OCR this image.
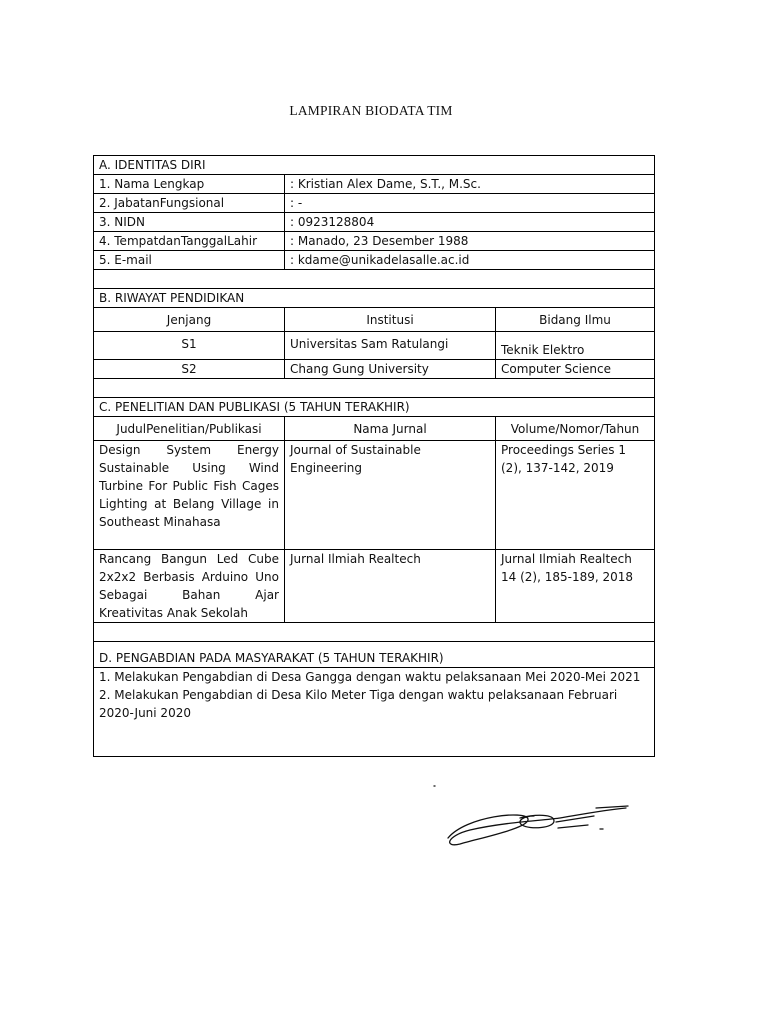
LAMPIRAN BIODATA TIM
A. IDENTITAS DIRI		
1. Nama Lengkap	: Kristian Alex Dame, S.T., M.Sc.	
2. JabatanFungsional	: -	
3. NIDN	: 0923128804	
4. TempatdanTanggalLahir	: Manado, 23 Desember 1988	
5. E-mail	: kdame@unikadelasalle.ac.id	

B. RIWAYAT PENDIDIKAN		
Jenjang	Institusi	Bidang Ilmu
S1	Universitas Sam Ratulangi	Teknik Elektro
S2	Chang Gung University	Computer Science

C. PENELITIAN DAN PUBLIKASI (5 TAHUN TERAKHIR)		
JudulPenelitian/Publikasi	Nama Jurnal	Volume/Nomor/Tahun
Design System Energy Sustainable Using Wind Turbine For Public Fish Cages Lighting at Belang Village in Southeast Minahasa	Journal of Sustainable Engineering	Proceedings Series 1 (2), 137-142, 2019
Rancang Bangun Led Cube 2x2x2 Berbasis Arduino Uno Sebagai Bahan Ajar Kreativitas Anak Sekolah	Jurnal Ilmiah Realtech	Jurnal Ilmiah Realtech 14 (2), 185-189, 2018

D. PENGABDIAN PADA MASYARAKAT (5 TAHUN TERAKHIR)		

1. Melakukan Pengabdian di Desa Gangga dengan waktu pelaksanaan Mei 2020-Mei 2021
2. Melakukan Pengabdian di Desa Kilo Meter Tiga dengan waktu pelaksanaan Februari 2020-Juni 2020		
